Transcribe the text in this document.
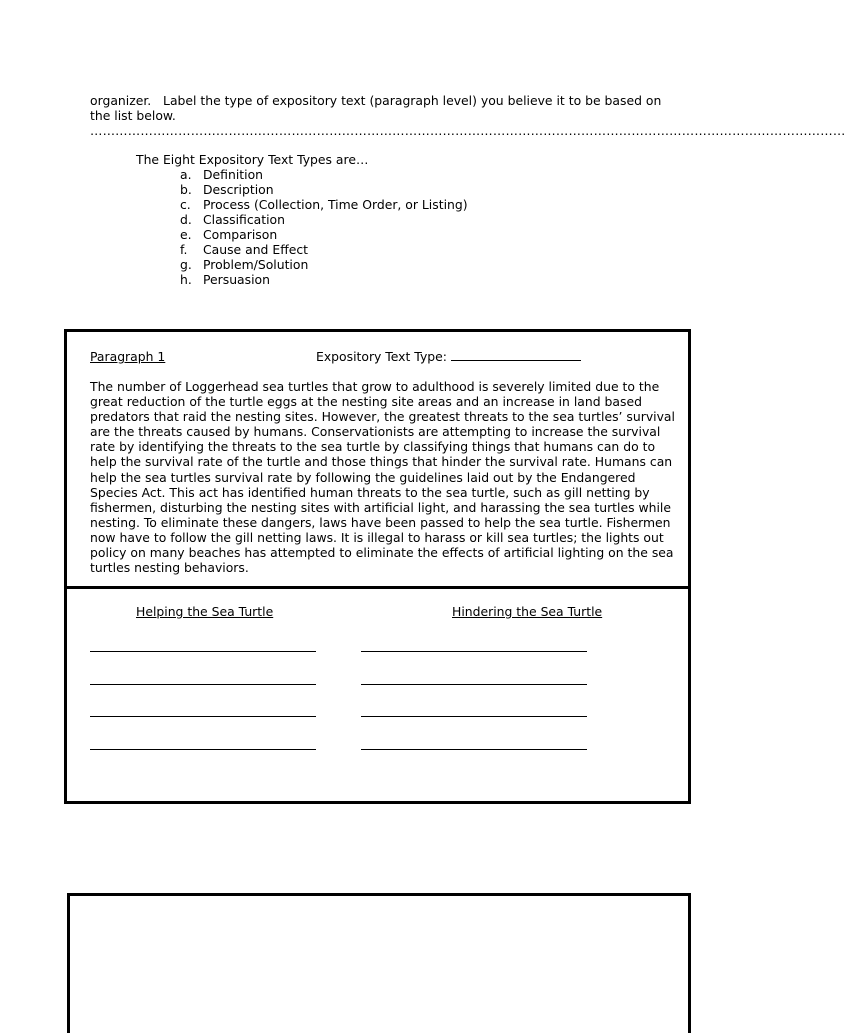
organizer.   Label the type of expository text (paragraph level) you believe it to be based on
the list below.
………………………………………………………………………………………………………………………………………………………………
The Eight Expository Text Types are…
a. Definition
b. Description
c. Process (Collection, Time Order, or Listing)
d. Classification
e. Comparison
f. Cause and Effect
g. Problem/Solution
h. Persuasion
Paragraph 1	Expository Text Type:
The number of Loggerhead sea turtles that grow to adulthood is severely limited due to the great reduction of the turtle eggs at the nesting site areas and an increase in land based predators that raid the nesting sites. However, the greatest threats to the sea turtles’ survival are the threats caused by humans. Conservationists are attempting to increase the survival rate by identifying the threats to the sea turtle by classifying things that humans can do to help the survival rate of the turtle and those things that hinder the survival rate. Humans can help the sea turtles survival rate by following the guidelines laid out by the Endangered Species Act. This act has identified human threats to the sea turtle, such as gill netting by fishermen, disturbing the nesting sites with artificial light, and harassing the sea turtles while nesting. To eliminate these dangers, laws have been passed to help the sea turtle. Fishermen now have to follow the gill netting laws. It is illegal to harass or kill sea turtles; the lights out policy on many beaches has attempted to eliminate the effects of artificial lighting on the sea turtles nesting behaviors.
Helping the Sea Turtle	Hindering the Sea Turtle
